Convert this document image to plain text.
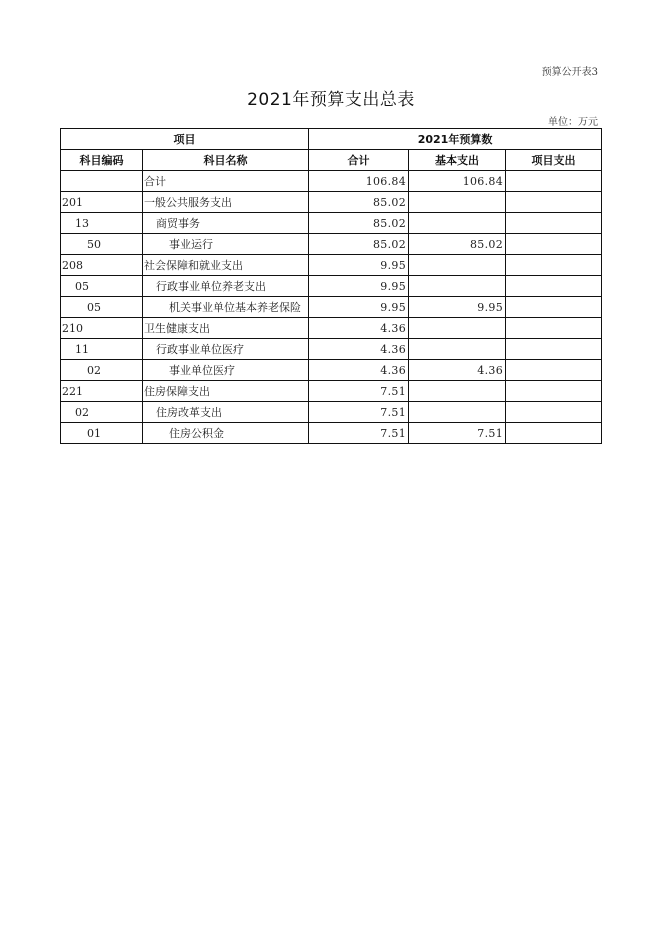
预算公开表3
2021年预算支出总表
单位：万元
项目		2021年预算数		
科目编码	科目名称	合计	基本支出	项目支出
	合计	106.84	106.84	
201	一般公共服务支出	85.02		
13	商贸事务	85.02		
50	事业运行	85.02	85.02	
208	社会保障和就业支出	9.95		
05	行政事业单位养老支出	9.95		
05	机关事业单位基本养老保险	9.95	9.95	
210	卫生健康支出	4.36		
11	行政事业单位医疗	4.36		
02	事业单位医疗	4.36	4.36	
221	住房保障支出	7.51		
02	住房改革支出	7.51		
01	住房公积金	7.51	7.51	
